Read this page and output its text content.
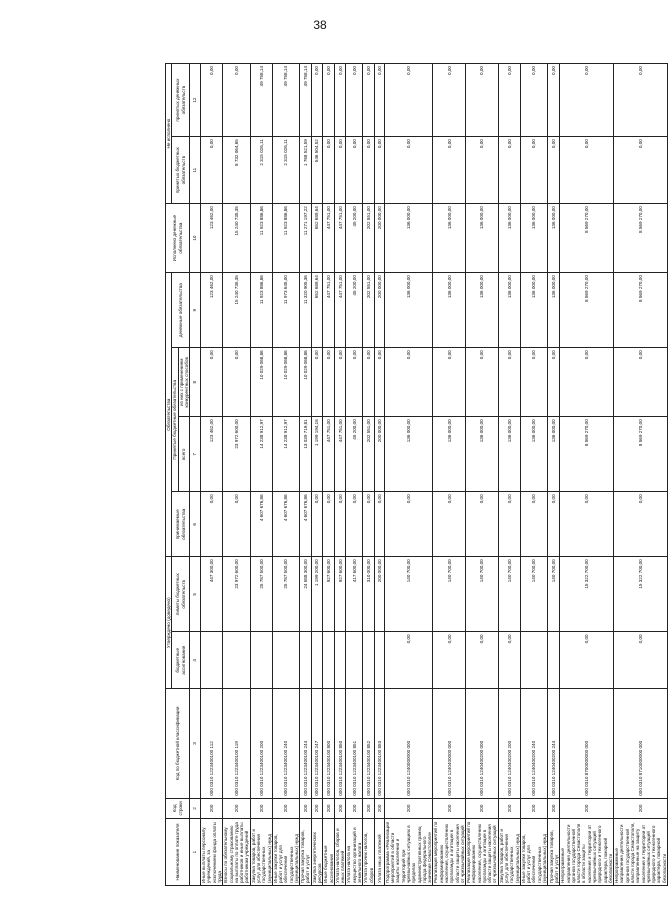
38
Наименование показателя	Код строки	Код по бюджетной классификации	Утверждено (доведено)		Обязательства				Исполнено денежные обязательства	Не исполнено	
			бюджетные ассигнования	лимиты бюджетных обязательств	принимаемые обязательства	Принятые бюджетные обязательства		денежные обязательства		принятых бюджетных обязательств	принятых денежных обязательств
						всего	из них с применением конкурентных способов				
1	2	3	4	5	6	7	8	9	10	11	12
Иные выплаты персоналу учреждений, за исключением фонда оплаты труда	200	000 0310 1223400100 112		447 300,00	0,00	123 462,00	0,00	123 462,00	123 462,00	0,00	0,00
Взносы по обязательному социальному страхованию на выплаты по оплате труда работников и иные выплаты работникам учреждений	200	000 0310 1223400100 119		23 972 600,00	0,00	23 972 600,00	0,00	15 240 735,35	15 240 735,35	8 732 064,65	0,00
Закупка товаров, работ и услуг для обеспечения государственных (муниципальных) нужд	200	000 0310 1223400100 200		25 787 500,00	4 607 676,86	14 238 912,97	10 029 068,86	11 923 886,86	11 923 886,86	2 315 026,11	49 758,14
Иные закупки товаров, работ и услуг для обеспечения государственных (муниципальных) нужд	200	000 0310 1223400100 240		25 787 500,00	4 607 676,86	14 238 912,97	10 029 068,86	11 973 645,00	11 923 886,86	2 315 026,11	49 758,14
Прочая закупка товаров, работ и услуг	200	000 0310 1223400100 244		24 588 300,00	4 607 676,86	13 039 719,81	10 029 068,86	11 320 905,36	11 271 197,22	1 768 521,59	49 758,14
Закупка энергетических ресурсов	200	000 0310 1223400100 247		1 199 200,00	0,00	1 199 194,16	0,00	652 689,64	652 689,64	546 504,52	0,00
Иные бюджетные ассигнования	200	000 0310 1223400100 800		927 600,00	0,00	447 751,00	0,00	447 751,00	447 751,00	0,00	0,00
Уплата налогов, сборов и иных платежей	200	000 0310 1223400100 850		927 600,00	0,00	447 751,00	0,00	447 751,00	447 751,00	0,00	0,00
Уплата налога на имущество организаций и земельного налога	200	000 0310 1223400100 851		417 600,00	0,00	45 200,00	0,00	45 200,00	45 200,00	0,00	0,00
Уплата прочих налогов, сборов	200	000 0310 1223400100 852		310 000,00	0,00	202 551,00	0,00	202 551,00	202 551,00	0,00	0,00
Уплата иных платежей	200	000 0310 1223400100 853		200 000,00	0,00	200 000,00	0,00	200 000,00	200 000,00	0,00	0,00
Подпрограмма «Реализация мероприятий в области защиты населения и территорий при чрезвычайных ситуациях в пределах административных границ города федерального значения Севастополя»	200	000 0310 1240000000 000	0,00	140 700,00	0,00	136 000,00	0,00	136 000,00	136 000,00	0,00	0,00
Реализация мероприятий по информированию населения, осуществлению пропаганды и агитации в области защиты населения от чрезвычайных ситуаций	200	000 0310 1240400000 000	0,00	140 700,00	0,00	136 000,00	0,00	136 000,00	136 000,00	0,00	0,00
Реализация мероприятий по информированию населения, осуществлению пропаганды и агитации в области защиты населения от чрезвычайных ситуаций	200	000 0310 1240400200 000	0,00	140 700,00	0,00	136 000,00	0,00	136 000,00	136 000,00	0,00	0,00
Закупка товаров, работ и услуг для обеспечения государственных (муниципальных) нужд	200	000 0310 1240400200 200	0,00	140 700,00	0,00	136 000,00	0,00	136 000,00	136 000,00	0,00	0,00
Иные закупки товаров, работ и услуг для обеспечения государственных (муниципальных) нужд	200	000 0310 1240400200 240		140 700,00	0,00	136 000,00	0,00	136 000,00	136 000,00	0,00	0,00
Прочая закупка товаров, работ и услуг	200	000 0310 1240400200 244		140 700,00	0,00	136 000,00	0,00	136 000,00	136 000,00	0,00	0,00
Непрограммные направления деятельности органов государственной власти города Севастополя в области защиты населения и территории от чрезвычайных ситуаций природного и техногенного характера, пожарной безопасности	200	000 0310 8700000000 000	0,00	15 322 700,00	0,00	8 569 270,00	0,00	8 569 270,00	8 569 270,00	0,00	0,00
Непрограммные направления деятельности органов государственной власти города Севастополя, направленные на защиту населения и территории от чрезвычайных ситуаций природного и техногенного характера, пожарной безопасности	200	000 0310 8710000000 000	0,00	15 322 700,00	0,00	8 569 270,00	0,00	8 569 270,00	8 569 270,00	0,00	0,00
